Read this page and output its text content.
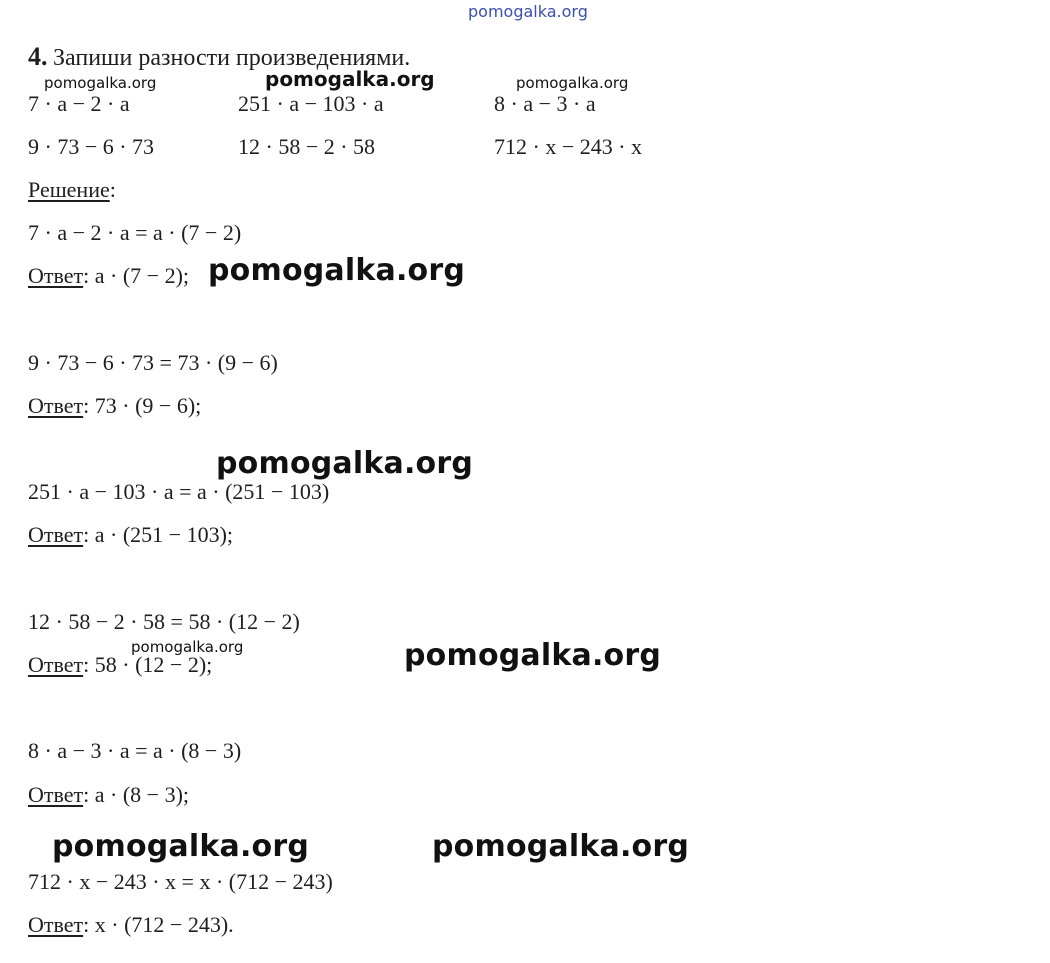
pomogalka.org
4. Запиши разности произведениями.
pomogalka.org	pomogalka.org	pomogalka.org
7 · a − 2 · a	251 · a − 103 · a	8 · a − 3 · a
9 · 73 − 6 · 73	12 · 58 − 2 · 58	712 · x − 243 · x
Решение:
7 · a − 2 · a = a · (7 − 2)
Ответ: a · (7 − 2); pomogalka.org
9 · 73 − 6 · 73 = 73 · (9 − 6)
Ответ: 73 · (9 − 6);
pomogalka.org
251 · a − 103 · a = a · (251 − 103)
Ответ: a · (251 − 103);
12 · 58 − 2 · 58 = 58 · (12 − 2)
pomogalka.org
Ответ: 58 · (12 − 2);	pomogalka.org
8 · a − 3 · a = a · (8 − 3)
Ответ: a · (8 − 3);
pomogalka.org	pomogalka.org
712 · x − 243 · x = x · (712 − 243)
Ответ: x · (712 − 243).
